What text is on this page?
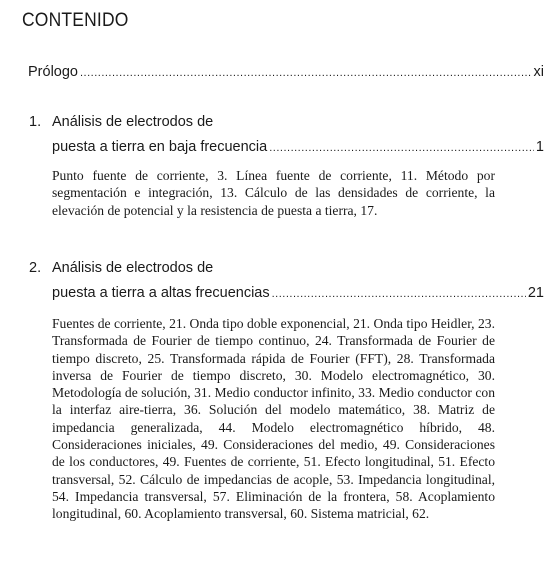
CONTENIDO
Prólogo .....	xi
1. Análisis de electrodos de
puesta a tierra en baja frecuencia .....	1

Punto fuente de corriente, 3. Línea fuente de corriente, 11. Método por segmentación e integración, 13. Cálculo de las densidades de corriente, la elevación de potencial y la resistencia de puesta a tierra, 17.

2. Análisis de electrodos de
puesta a tierra a altas frecuencias .....	21

Fuentes de corriente, 21. Onda tipo doble exponencial, 21. Onda tipo Heidler, 23. Transformada de Fourier de tiempo continuo, 24. Transformada de Fourier de tiempo discreto, 25. Transformada rápida de Fourier (FFT), 28. Transformada inversa de Fourier de tiempo discreto, 30. Modelo electromagnético, 30. Metodología de solución, 31. Medio conductor infinito, 33. Medio conductor con la interfaz aire-tierra, 36. Solución del modelo matemático, 38. Matriz de impedancia generalizada, 44. Modelo electromagnético híbrido, 48. Consideraciones iniciales, 49. Consideraciones del medio, 49. Consideraciones de los conductores, 49. Fuentes de corriente, 51. Efecto longitudinal, 51. Efecto transversal, 52. Cálculo de impedancias de acople, 53. Impedancia longitudinal, 54. Impedancia transversal, 57. Eliminación de la frontera, 58. Acoplamiento longitudinal, 60. Acoplamiento transversal, 60. Sistema matricial, 62.
